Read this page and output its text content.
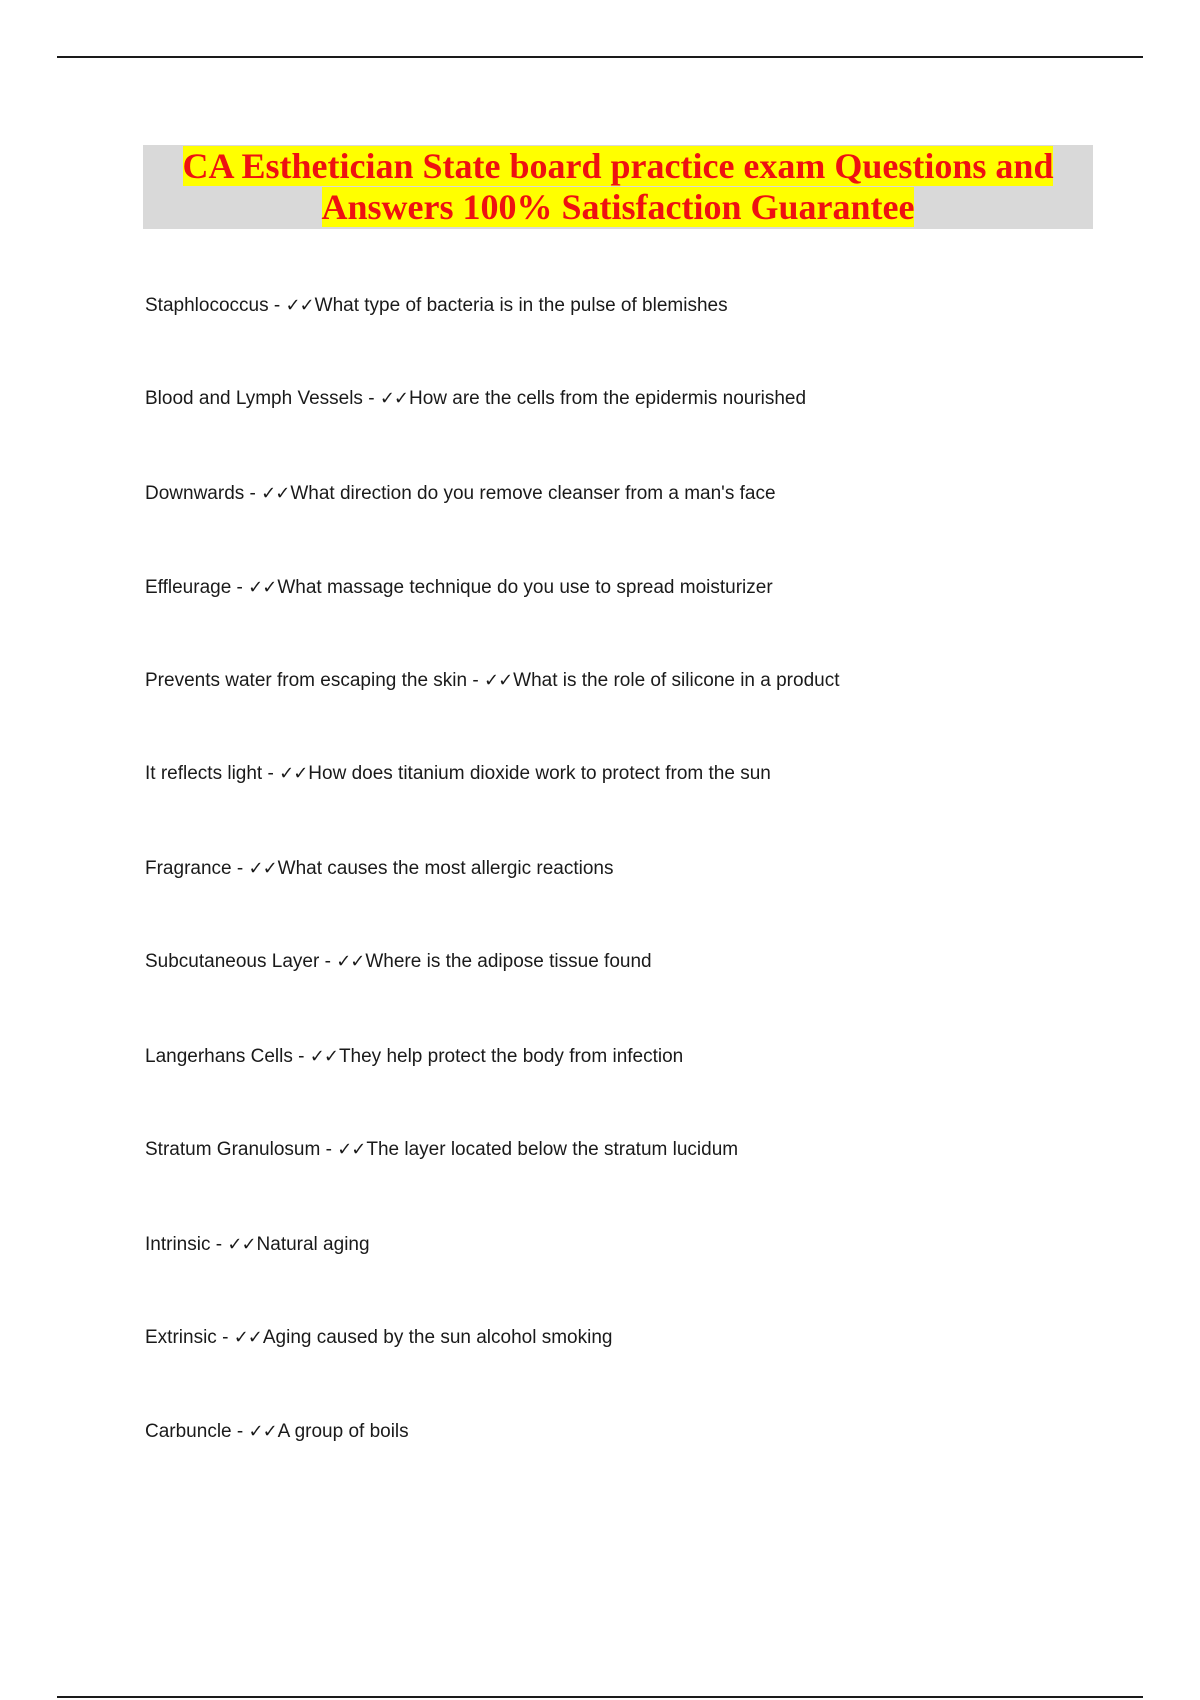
CA Esthetician State board practice exam Questions and Answers 100% Satisfaction Guarantee
Staphlococcus - ✓✓What type of bacteria is in the pulse of blemishes
Blood and Lymph Vessels - ✓✓How are the cells from the epidermis nourished
Downwards - ✓✓What direction do you remove cleanser from a man's face
Effleurage - ✓✓What massage technique do you use to spread moisturizer
Prevents water from escaping the skin - ✓✓What is the role of silicone in a product
It reflects light - ✓✓How does titanium dioxide work to protect from the sun
Fragrance - ✓✓What causes the most allergic reactions
Subcutaneous Layer - ✓✓Where is the adipose tissue found
Langerhans Cells - ✓✓They help protect the body from infection
Stratum Granulosum - ✓✓The layer located below the stratum lucidum
Intrinsic - ✓✓Natural aging
Extrinsic - ✓✓Aging caused by the sun alcohol smoking
Carbuncle - ✓✓A group of boils
